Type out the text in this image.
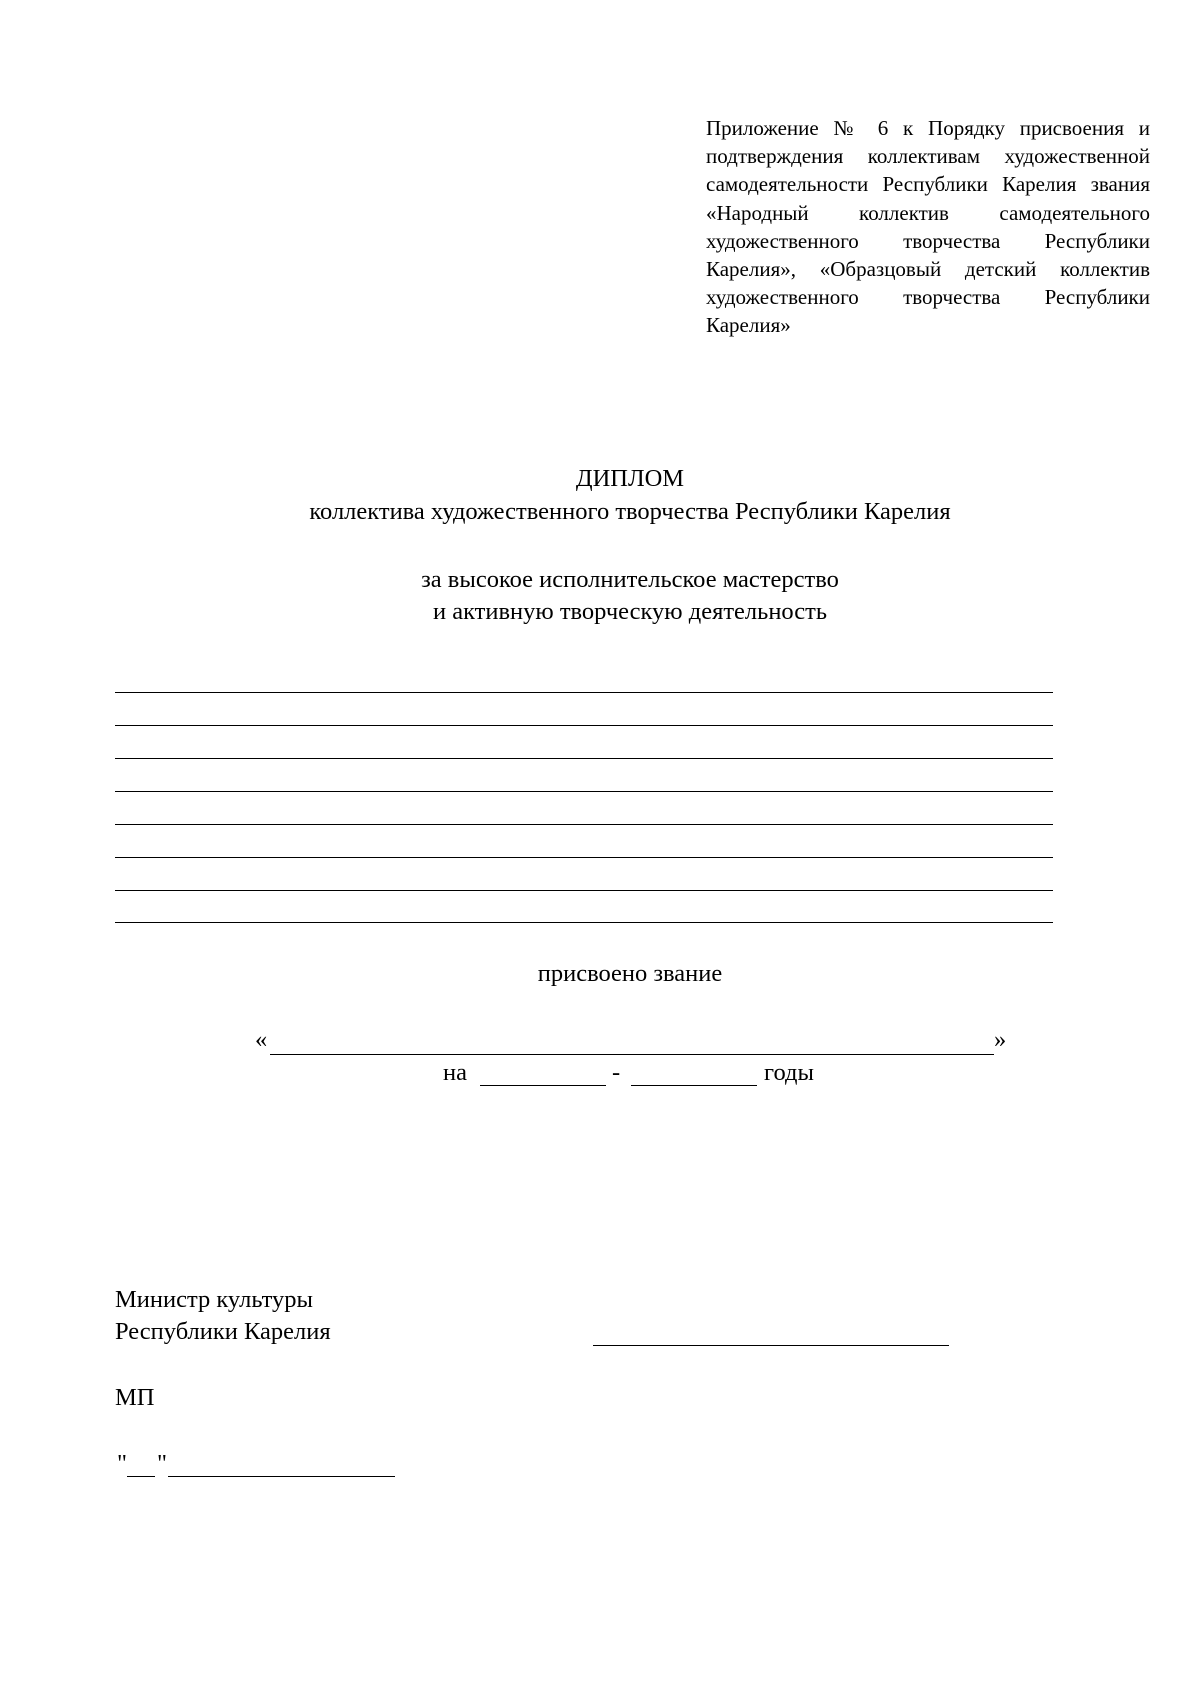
Приложение № 6 к Порядку присвоения и подтверждения коллективам художественной самодеятельности Республики Карелия звания «Народный коллектив самодеятельного художественного творчества Республики Карелия», «Образцовый детский коллектив художественного творчества Республики Карелия»
ДИПЛОМ
коллектива художественного творчества Республики Карелия
за высокое исполнительское мастерство
и активную творческую деятельность
присвоено звание
«	»
на	-	годы
Министр культуры
Республики Карелия
МП
" "
